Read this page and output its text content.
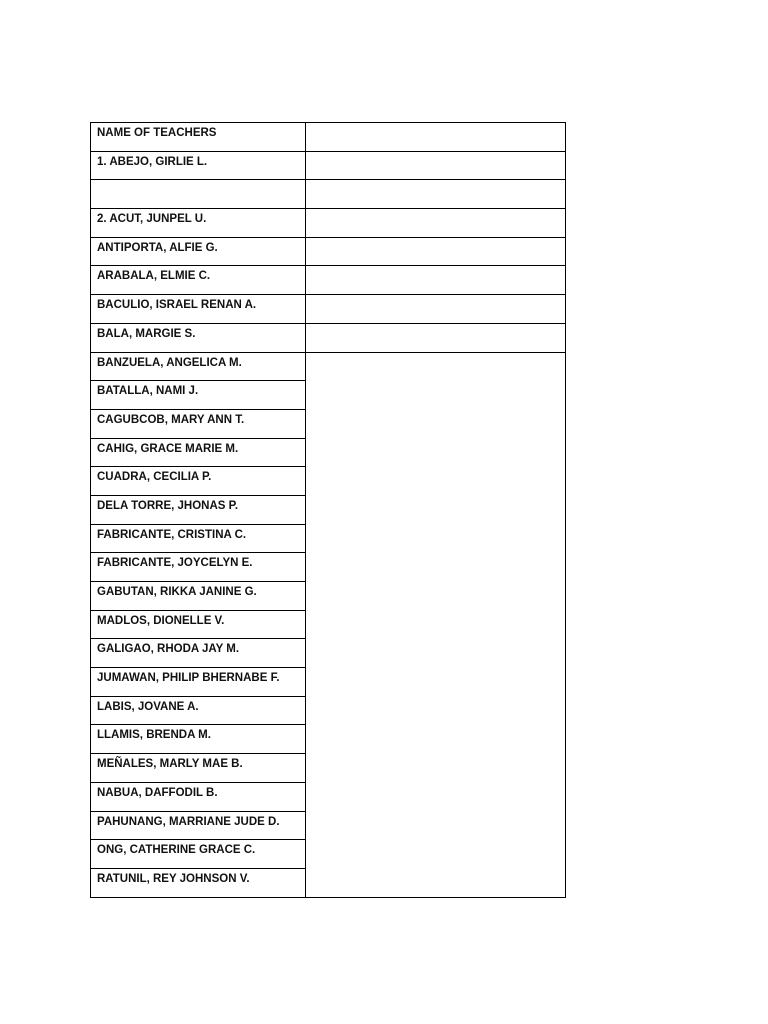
NAME OF TEACHERS	
1. ABEJO, GIRLIE L.	

2. ACUT, JUNPEL U.	
ANTIPORTA, ALFIE G.	
ARABALA, ELMIE C.	
BACULIO, ISRAEL RENAN A.	
BALA, MARGIE S.	
BANZUELA, ANGELICA M.	
BATALLA, NAMI J.	
CAGUBCOB, MARY ANN T.	
CAHIG, GRACE MARIE M.	
CUADRA, CECILIA P.	
DELA TORRE, JHONAS P.	
FABRICANTE, CRISTINA C.	
FABRICANTE, JOYCELYN E.	
GABUTAN, RIKKA JANINE G.	
MADLOS, DIONELLE V.	
GALIGAO, RHODA JAY M.	
JUMAWAN, PHILIP BHERNABE F.	
LABIS, JOVANE A.	
LLAMIS, BRENDA M.	
MEÑALES, MARLY MAE B.	
NABUA, DAFFODIL B.	
PAHUNANG, MARRIANE JUDE D.	
ONG, CATHERINE GRACE C.	
RATUNIL, REY JOHNSON V.	
